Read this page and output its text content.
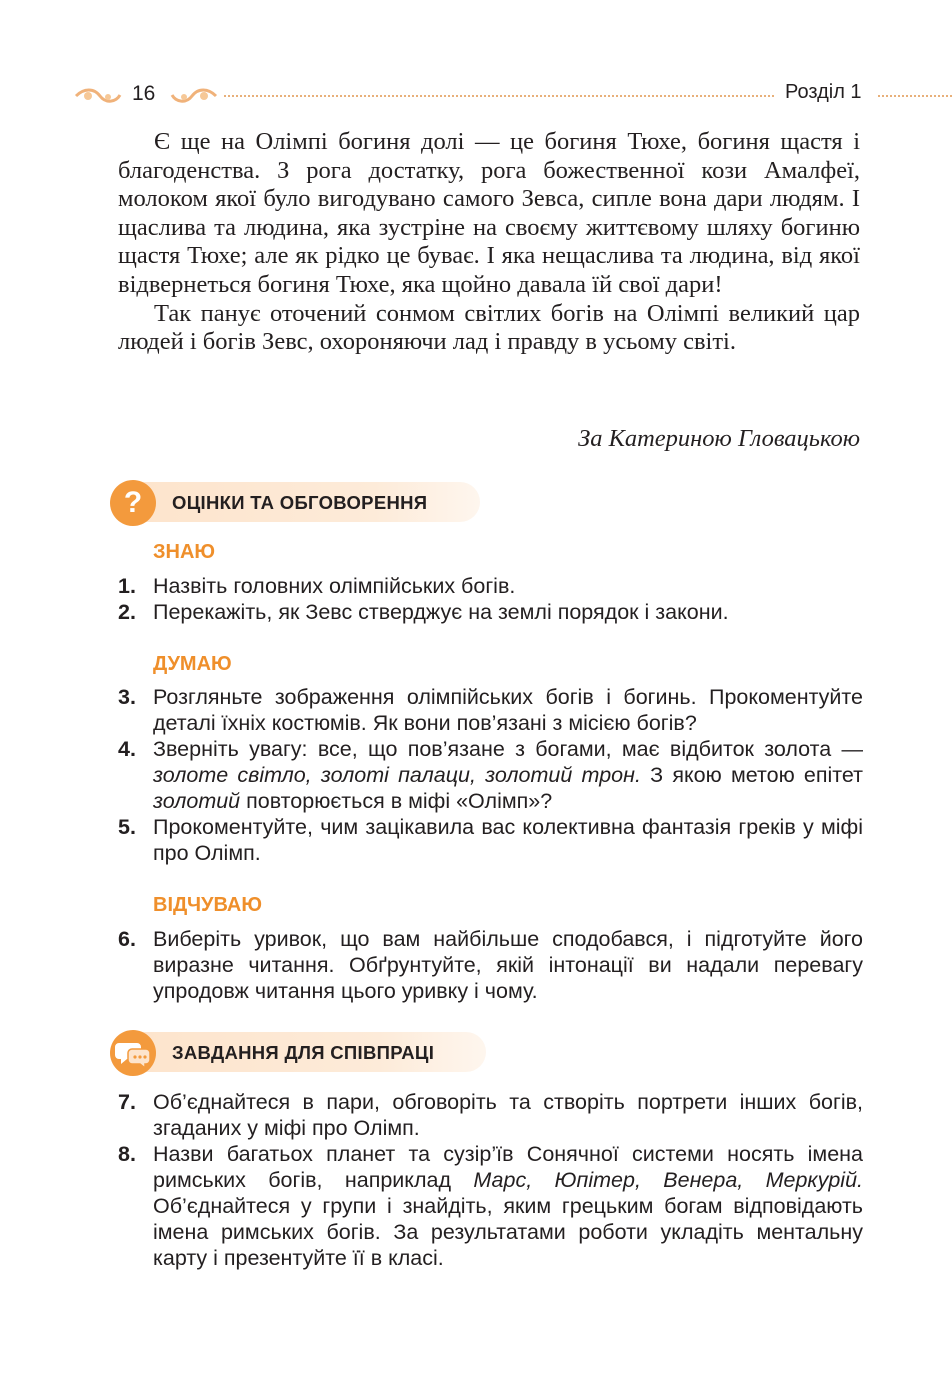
16	Розділ 1

Є ще на Олімпі богиня долі — це богиня Тюхе, богиня щастя і благоденства. З рога достатку, рога божественної кози Амалфеї, молоком якої було вигодувано самого Зевса, сипле вона дари людям. І щаслива та людина, яка зустріне на своєму життєвому шляху богиню щастя Тюхе; але як рідко це буває. І яка нещаслива та людина, від якої відвернеться богиня Тюхе, яка щойно давала їй свої дари!

Так панує оточений сонмом світлих богів на Олімпі великий цар людей і богів Зевс, охороняючи лад і правду в усьому світі.

За Катериною Гловацькою
?	ОЦІНКИ ТА ОБГОВОРЕННЯ
ЗНАЮ
1. Назвіть головних олімпійських богів.
2. Перекажіть, як Зевс стверджує на землі порядок і закони.
ДУМАЮ
3. Розгляньте зображення олімпійських богів і богинь. Прокоментуйте деталі їхніх костюмів. Як вони пов’язані з місією богів?
4. Зверніть увагу: все, що пов’язане з богами, має відбиток золота — золоте світло, золоті палаци, золотий трон. З якою метою епітет золотий повторюється в міфі «Олімп»?
5. Прокоментуйте, чим зацікавила вас колективна фантазія греків у міфі про Олімп.
ВІДЧУВАЮ
6. Виберіть уривок, що вам найбільше сподобався, і підготуйте його виразне читання. Обґрунтуйте, якій інтонації ви надали перевагу упродовж читання цього уривку і чому.
ЗАВДАННЯ ДЛЯ СПІВПРАЦІ
7. Об’єднайтеся в пари, обговоріть та створіть портрети інших богів, згаданих у міфі про Олімп.
8. Назви багатьох планет та сузір’їв Сонячної системи носять імена римських богів, наприклад Марс, Юпітер, Венера, Меркурій. Об’єднайтеся у групи і знайдіть, яким грецьким богам відповідають імена римських богів. За результатами роботи укладіть ментальну карту і презентуйте її в класі.
